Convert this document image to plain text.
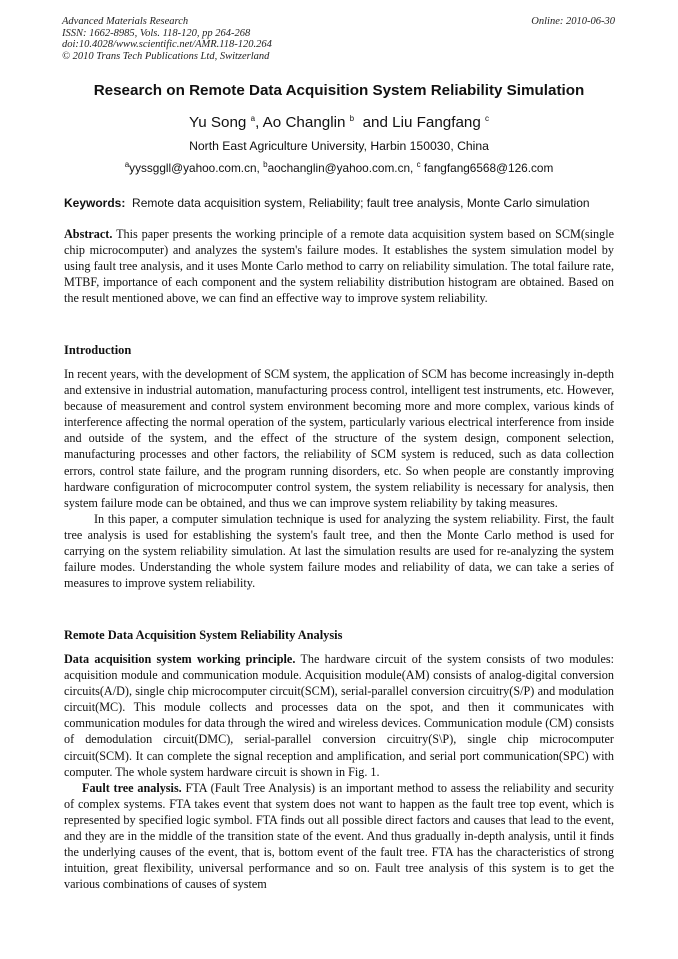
Advanced Materials Research
ISSN: 1662-8985, Vols. 118-120, pp 264-268
doi:10.4028/www.scientific.net/AMR.118-120.264
© 2010 Trans Tech Publications Ltd, Switzerland
Online: 2010-06-30
Research on Remote Data Acquisition System Reliability Simulation
Yu Song $^a$, Ao Changlin $^b$ and Liu Fangfang $^c$
North East Agriculture University, Harbin 150030, China
$^a$yyssggll@yahoo.com.cn, $^b$aochanglin@yahoo.com.cn, $^c$ fangfang6568@126.com
Keywords: Remote data acquisition system, Reliability; fault tree analysis, Monte Carlo simulation

Abstract. This paper presents the working principle of a remote data acquisition system based on SCM(single chip microcomputer) and analyzes the system's failure modes. It establishes the system simulation model by using fault tree analysis, and it uses Monte Carlo method to carry on reliability simulation. The total failure rate, MTBF, importance of each component and the system reliability distribution histogram are obtained. Based on the result mentioned above, we can find an effective way to improve system reliability.

Introduction

In recent years, with the development of SCM system, the application of SCM has become increasingly in-depth and extensive in industrial automation, manufacturing process control, intelligent test instruments, etc. However, because of measurement and control system environment becoming more and more complex, various kinds of interference affecting the normal operation of the system, particularly various electrical interference from inside and outside of the system, and the effect of the structure of the system design, component selection, manufacturing processes and other factors, the reliability of SCM system is reduced, such as data collection errors, control state failure, and the program running disorders, etc. So when people are constantly improving hardware configuration of microcomputer control system, the system reliability is necessary for analysis, then system failure mode can be obtained, and thus we can improve system reliability by taking measures.

In this paper, a computer simulation technique is used for analyzing the system reliability. First, the fault tree analysis is used for establishing the system's fault tree, and then the Monte Carlo method is used for carrying on the system reliability simulation. At last the simulation results are used for re-analyzing the system failure modes. Understanding the whole system failure modes and reliability of data, we can take a series of measures to improve system reliability.

Remote Data Acquisition System Reliability Analysis

Data acquisition system working principle. The hardware circuit of the system consists of two modules: acquisition module and communication module. Acquisition module(AM) consists of analog-digital conversion circuits(A/D), single chip microcomputer circuit(SCM), serial-parallel conversion circuitry(S/P) and modulation circuit(MC). This module collects and processes data on the spot, and then it communicates with communication modules for data through the wired and wireless devices. Communication module (CM) consists of demodulation circuit(DMC), serial-parallel conversion circuitry(S\P), single chip microcomputer circuit(SCM). It can complete the signal reception and amplification, and serial port communication(SPC) with computer. The whole system hardware circuit is shown in Fig. 1.

Fault tree analysis. FTA (Fault Tree Analysis) is an important method to assess the reliability and security of complex systems. FTA takes event that system does not want to happen as the fault tree top event, which is represented by specified logic symbol. FTA finds out all possible direct factors and causes that lead to the event, and they are in the middle of the transition state of the event. And thus gradually in-depth analysis, until it finds the underlying causes of the event, that is, bottom event of the fault tree. FTA has the characteristics of strong intuition, great flexibility, universal performance and so on. Fault tree analysis of this system is to get the various combinations of causes of system
